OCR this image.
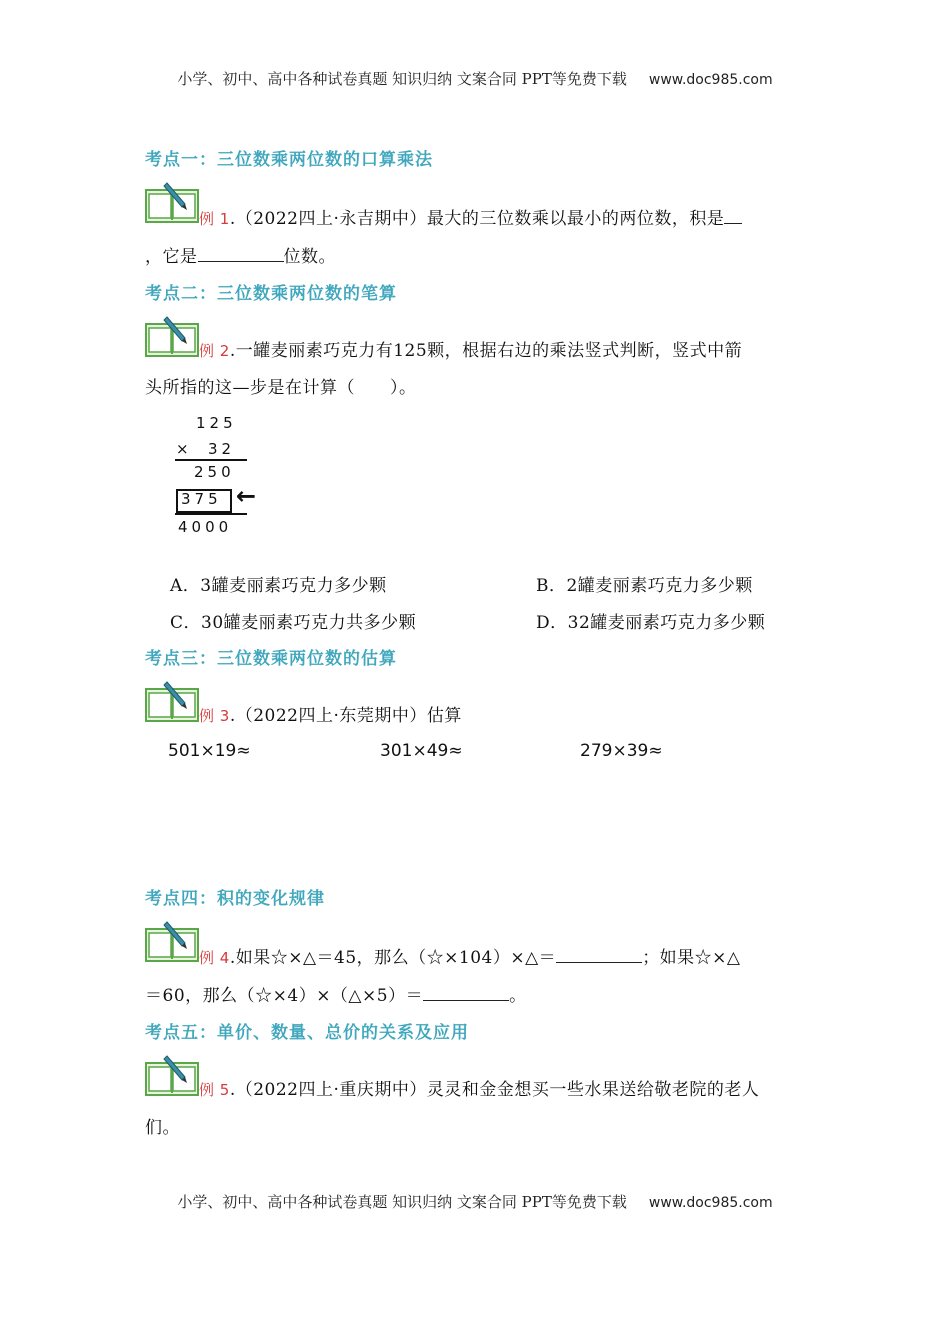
小学、初中、高中各种试卷真题 知识归纳 文案合同 PPT等免费下载 www.doc985.com
考点一：三位数乘两位数的口算乘法
例 1.（2022四上·永吉期中）最大的三位数乘以最小的两位数，积是
，它是	位数。
考点二：三位数乘两位数的笔算
例 2.一罐麦丽素巧克力有125颗，根据右边的乘法竖式判断，竖式中箭
头所指的这—步是在计算（　　）。
125
× 32
250
375 ←
4000
A．3罐麦丽素巧克力多少颗	B．2罐麦丽素巧克力多少颗
C．30罐麦丽素巧克力共多少颗	D．32罐麦丽素巧克力多少颗
考点三：三位数乘两位数的估算
例 3.（2022四上·东莞期中）估算
501×19≈	301×49≈	279×39≈
考点四：积的变化规律
例 4.如果☆×△＝45，那么（☆×104）×△＝	；如果☆×△
＝60，那么（☆×4）×（△×5）＝	。
考点五：单价、数量、总价的关系及应用
例 5.（2022四上·重庆期中）灵灵和金金想买一些水果送给敬老院的老人
们。
小学、初中、高中各种试卷真题 知识归纳 文案合同 PPT等免费下载 www.doc985.com
